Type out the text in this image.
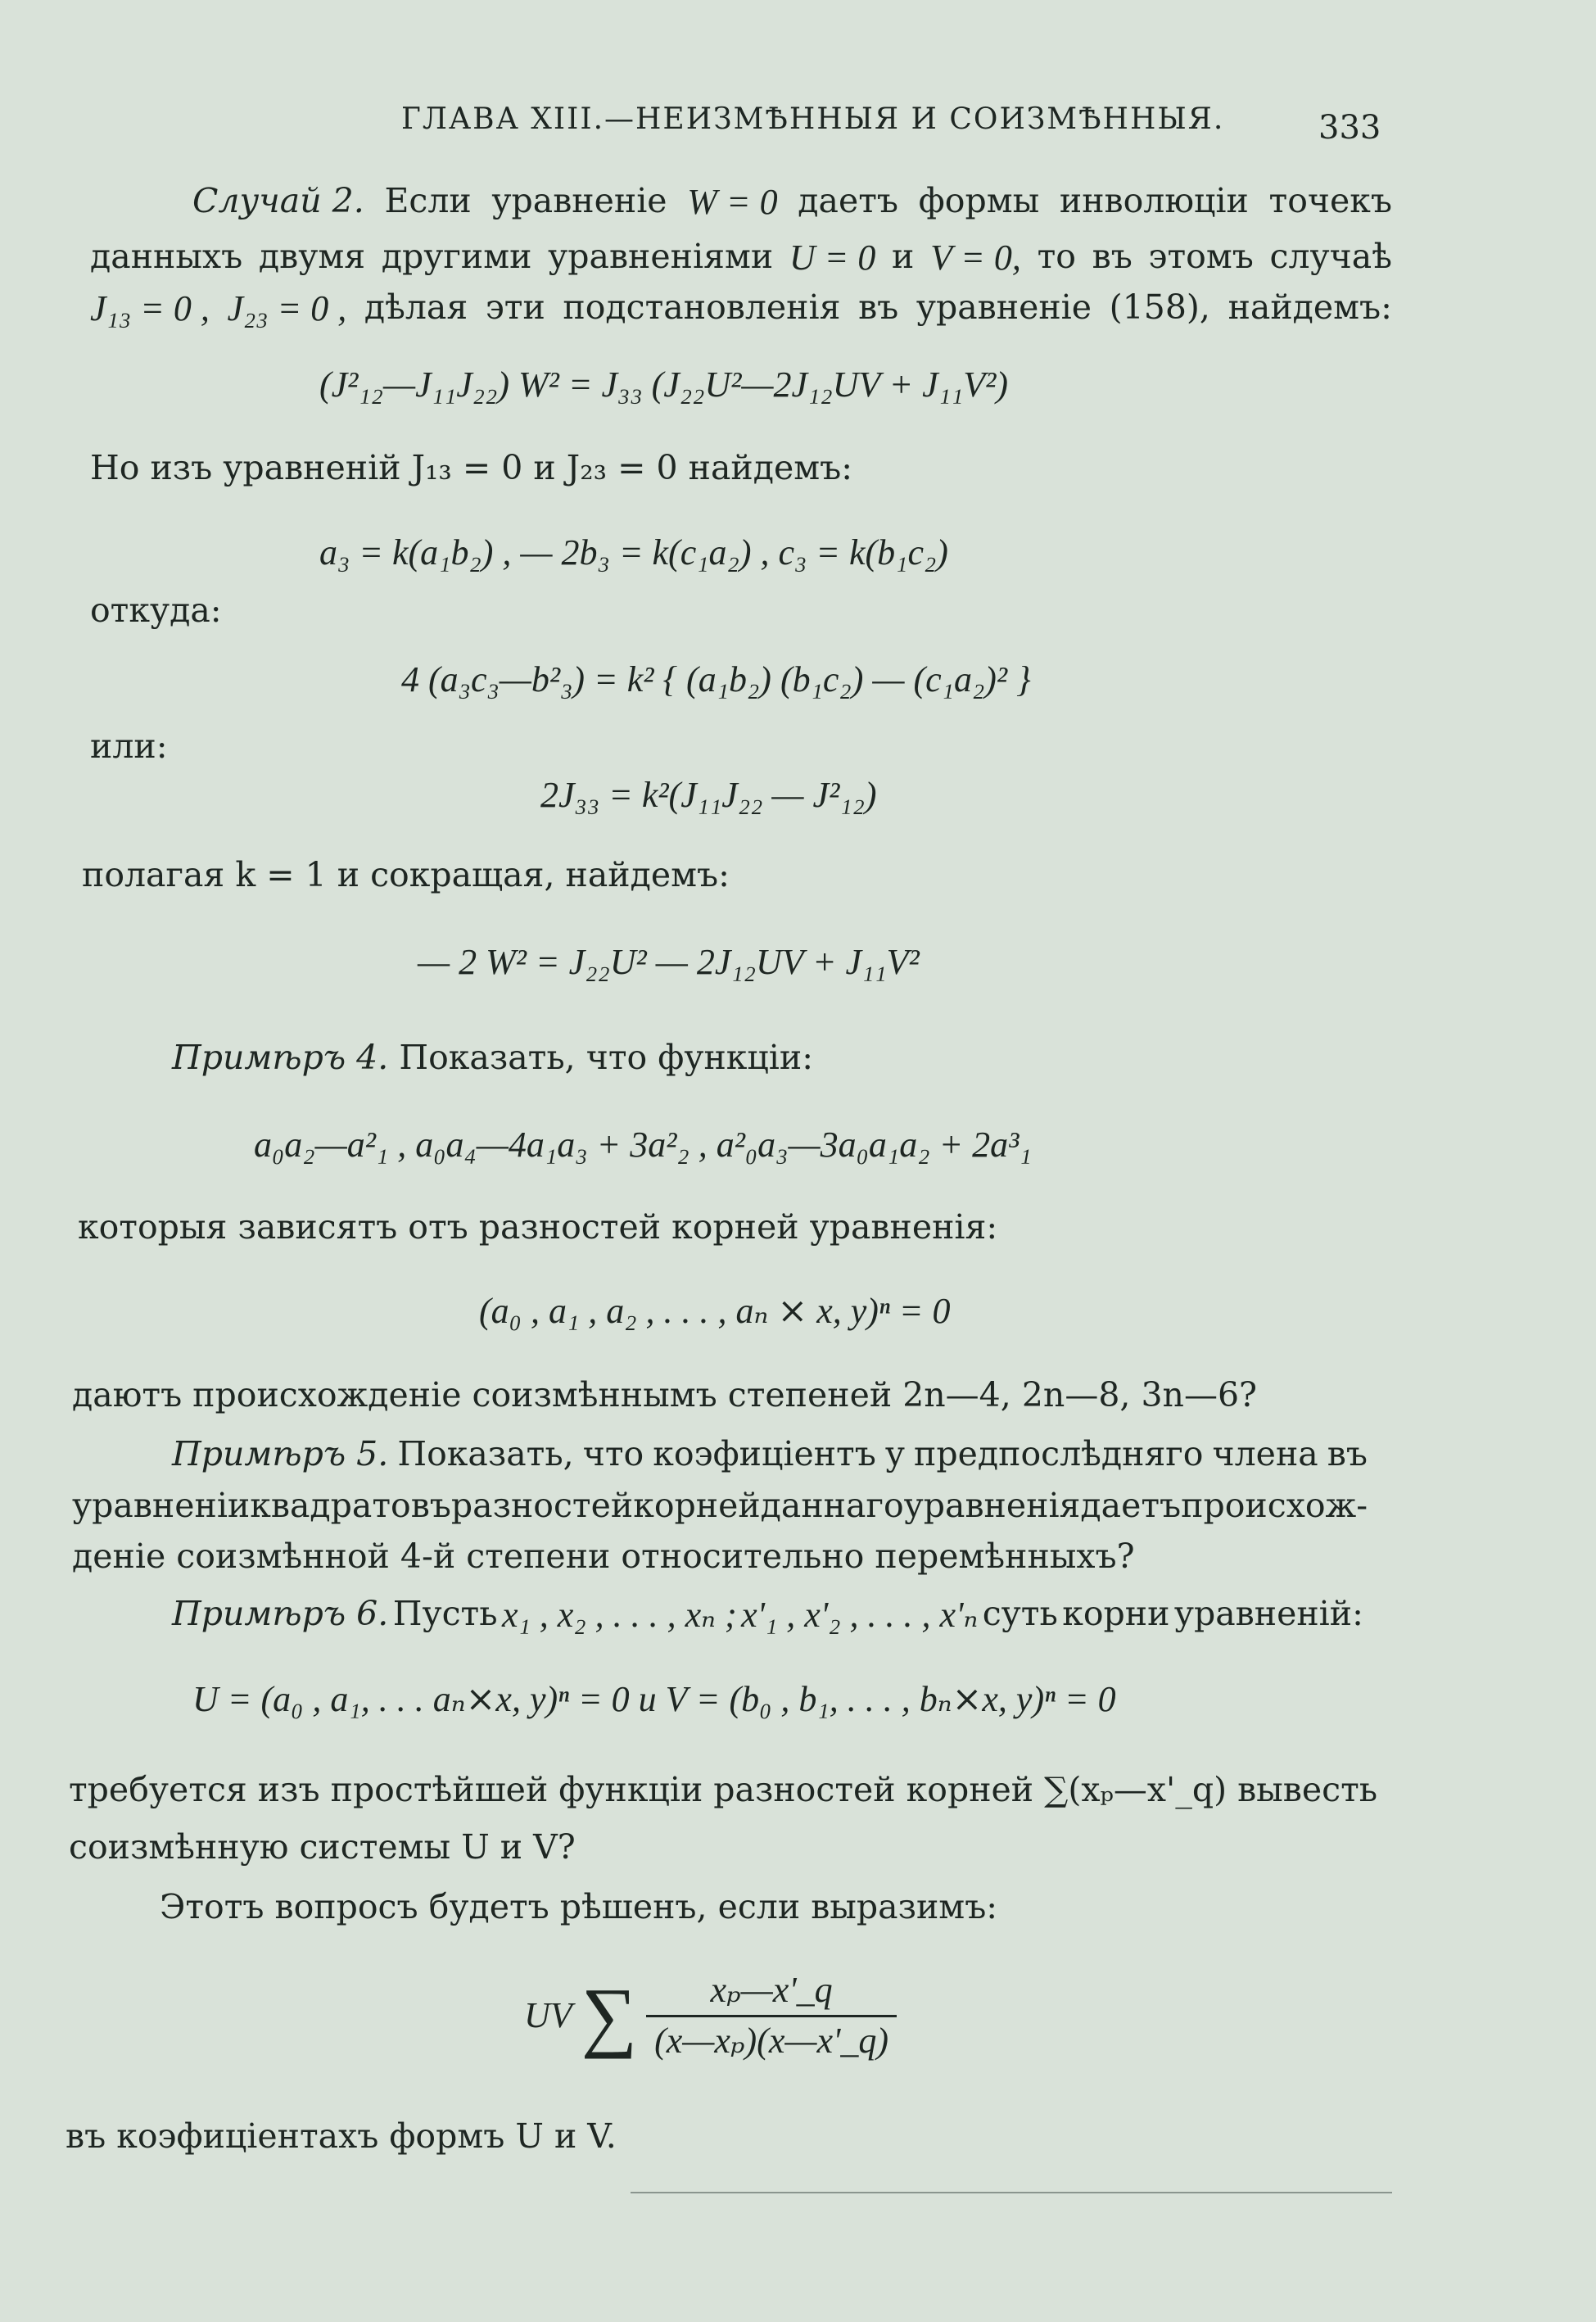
ГЛАВА XIII.—НЕИЗМѢННЫЯ И СОИЗМѢННЫЯ.	333
Случай 2. Если уравненіе W = 0 даетъ формы инволюціи точекъ
данныхъ двумя другими уравненіями U = 0 и V = 0, то въ этомъ случаѣ
J₁₃ = 0 , J₂₃ = 0 , дѣлая эти подстановленія въ уравненіе (158), найдемъ:
(J²₁₂—J₁₁J₂₂) W² = J₃₃ (J₂₂U²—2J₁₂UV + J₁₁V²)
Но изъ уравненій J₁₃ = 0 и J₂₃ = 0 найдемъ:
a₃ = k(a₁b₂) , — 2b₃ = k(c₁a₂) , c₃ = k(b₁c₂)
откуда:
4 (a₃c₃—b²₃) = k² { (a₁b₂) (b₁c₂) — (c₁a₂)² }
или:
2J₃₃ = k²(J₁₁J₂₂ — J²₁₂)
полагая k = 1 и сокращая, найдемъ:
— 2 W² = J₂₂U² — 2J₁₂UV + J₁₁V²
Примѣръ 4. Показать, что функціи:
a₀a₂—a²₁ , a₀a₄—4a₁a₃ + 3a²₂ , a²₀a₃—3a₀a₁a₂ + 2a³₁
которыя зависятъ отъ разностей корней уравненія:
(a₀ , a₁ , a₂ , . . . , aₙ ⨯ x, y)ⁿ = 0
даютъ происхожденіе соизмѣннымъ степеней 2n—4, 2n—8, 3n—6?
Примѣръ 5. Показать, что коэфиціентъ у предпослѣдняго члена въ
уравненіи квадратовъ разностей корней даннаго уравненія даетъ происхож-
деніе соизмѣнной 4-й степени относительно перемѣнныхъ?
Примѣръ 6. Пусть x₁ , x₂ , . . . , xₙ ; x'₁ , x'₂ , . . . , x'ₙ суть корни уравненій:
U = (a₀ , a₁, . . . aₙ⨯x, y)ⁿ = 0 и V = (b₀ , b₁, . . . , bₙ⨯x, y)ⁿ = 0
требуется изъ простѣйшей функціи разностей корней ∑(xₚ—x'_q) вывесть
соизмѣнную системы U и V?
Этотъ вопросъ будетъ рѣшенъ, если выразимъ:
UV ∑ $\frac{\text{xₚ—x'\_q}}{\text{(x—xₚ)(x—x'\_q)}}$
въ коэфиціентахъ формъ U и V.
